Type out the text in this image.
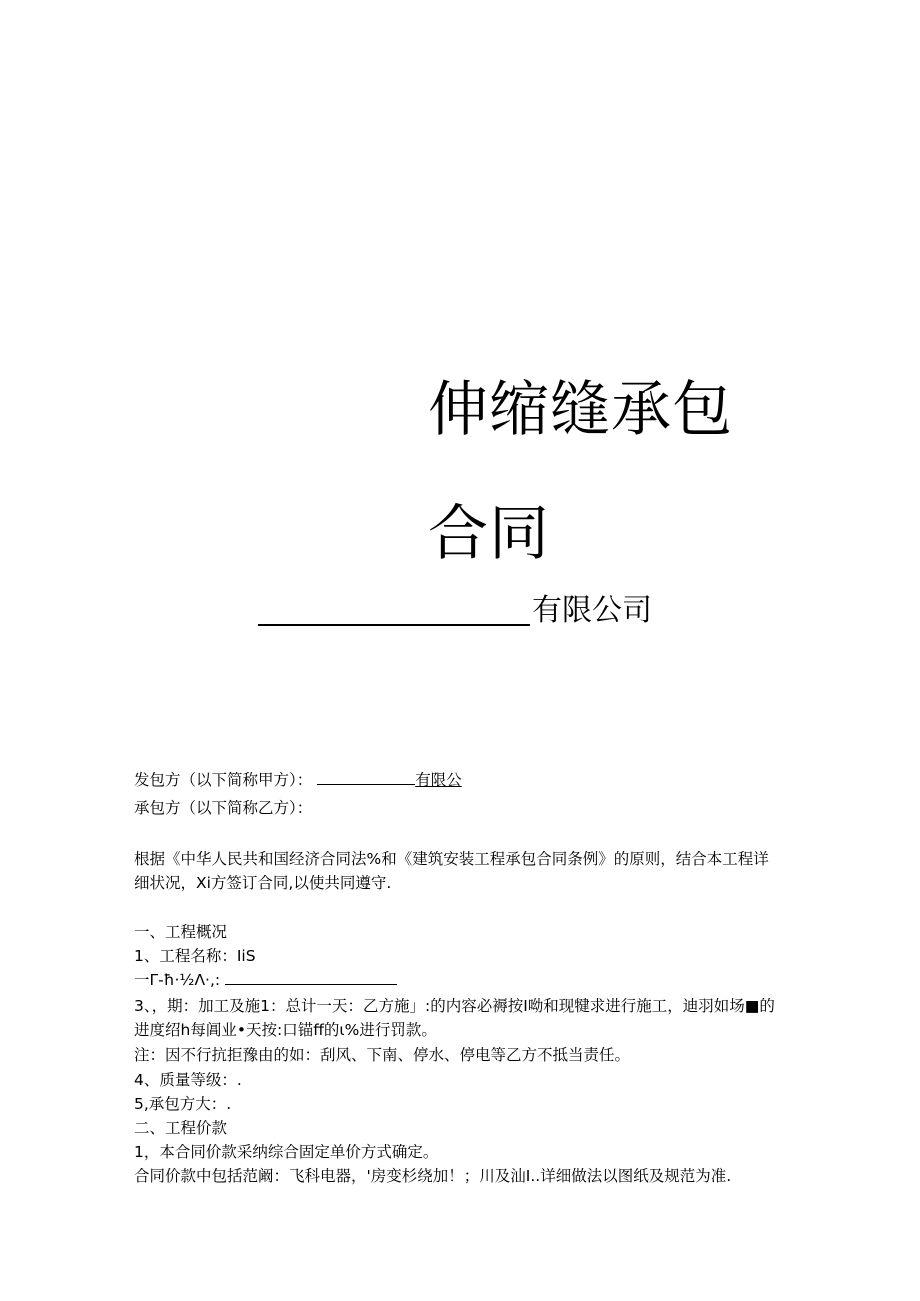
伸缩缝承包
合同
有限公司
发包方（以下简称甲方）：	有限公
承包方（以下简称乙方）：
根据《中华人民共和国经济合同法%和《建筑安装工程承包合同条例》的原则，结合本工程详
细状况，Xi方签订合同,以使共同遵守.
一、工程概况
1、工程名称：IiS
一Γ-ħ·½Λ·,:
3、，期：加工及施1：总计一天：乙方施」:的内容必褥按I呦和现犍求进行施工，迪羽如场■的
进度绍h每阊业•天按:口锚ff的ι%进行罚款。
注：因不行抗拒豫由的如：刮风、下南、停水、停电等乙方不抵当责任。
4、质量等级：.
5,承包方大：.
二、工程价款
1，本合同价款采纳综合固定单价方式确定。
合同价款中包括范阚：飞科电器，'房变杉绕加！；川及汕I..详细做法以图纸及规范为准.
